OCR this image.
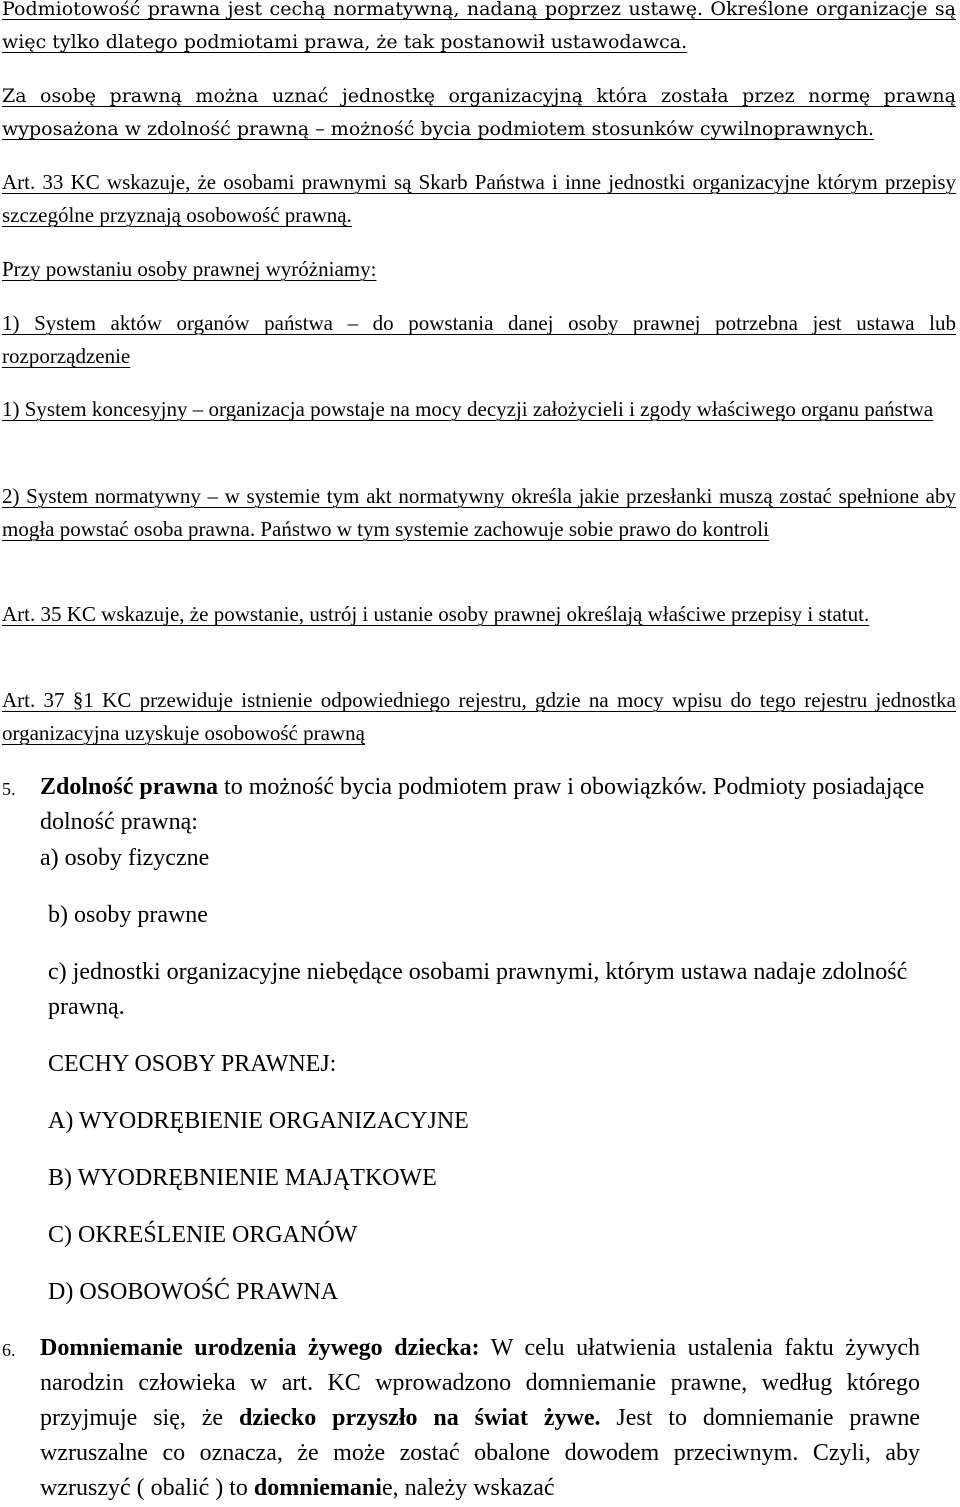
Podmiotowość prawna jest cechą normatywną, nadaną poprzez ustawę. Określone organizacje są więc tylko dlatego podmiotami prawa, że tak postanowił ustawodawca.

Za osobę prawną można uznać jednostkę organizacyjną która została przez normę prawną wyposażona w zdolność prawną – możność bycia podmiotem stosunków cywilnoprawnych.

Art. 33 KC wskazuje, że osobami prawnymi są Skarb Państwa i inne jednostki organizacyjne którym przepisy szczególne przyznają osobowość prawną.

Przy powstaniu osoby prawnej wyróżniamy:

1) System aktów organów państwa – do powstania danej osoby prawnej potrzebna jest ustawa lub rozporządzenie

1) System koncesyjny – organizacja powstaje na mocy decyzji założycieli i zgody właściwego organu państwa

2) System normatywny – w systemie tym akt normatywny określa jakie przesłanki muszą zostać spełnione aby mogła powstać osoba prawna. Państwo w tym systemie zachowuje sobie prawo do kontroli

Art. 35 KC wskazuje, że powstanie, ustrój i ustanie osoby prawnej określają właściwe przepisy i statut.

Art. 37 §1 KC przewiduje istnienie odpowiedniego rejestru, gdzie na mocy wpisu do tego rejestru jednostka organizacyjna uzyskuje osobowość prawną

5. Zdolność prawna to możność bycia podmiotem praw i obowiązków. Podmioty posiadające dolność prawną:

a) osoby fizyczne

b) osoby prawne

c) jednostki organizacyjne niebędące osobami prawnymi, którym ustawa nadaje zdolność prawną.

CECHY OSOBY PRAWNEJ:

A) WYODRĘBIENIE ORGANIZACYJNE

B) WYODRĘBNIENIE MAJĄTKOWE

C) OKREŚLENIE ORGANÓW

D) OSOBOWOŚĆ PRAWNA

6. Domniemanie urodzenia żywego dziecka: W celu ułatwienia ustalenia faktu żywych narodzin człowieka w art. KC wprowadzono domniemanie prawne, według którego przyjmuje się, że dziecko przyszło na świat żywe. Jest to domniemanie prawne wzruszalne co oznacza, że może zostać obalone dowodem przeciwnym. Czyli, aby wzruszyć ( obalić ) to domniemanie, należy wskazać
